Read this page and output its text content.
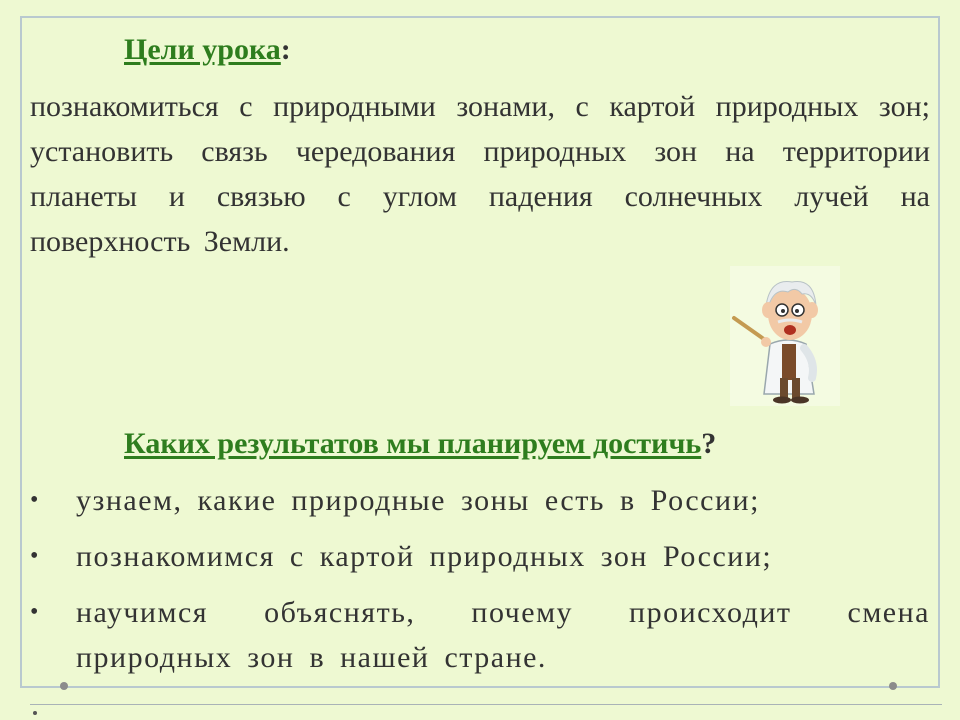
Цели урока:
познакомиться с природными зонами, с картой природных зон; установить связь чередования природных зон на территории планеты и связью с углом падения солнечных лучей на поверхность Земли.
Каких результатов мы планируем достичь?
• узнаем, какие природные зоны есть в России;
• познакомимся с картой природных зон России;
• научимся объяснять, почему происходит смена природных зон в нашей стране.
